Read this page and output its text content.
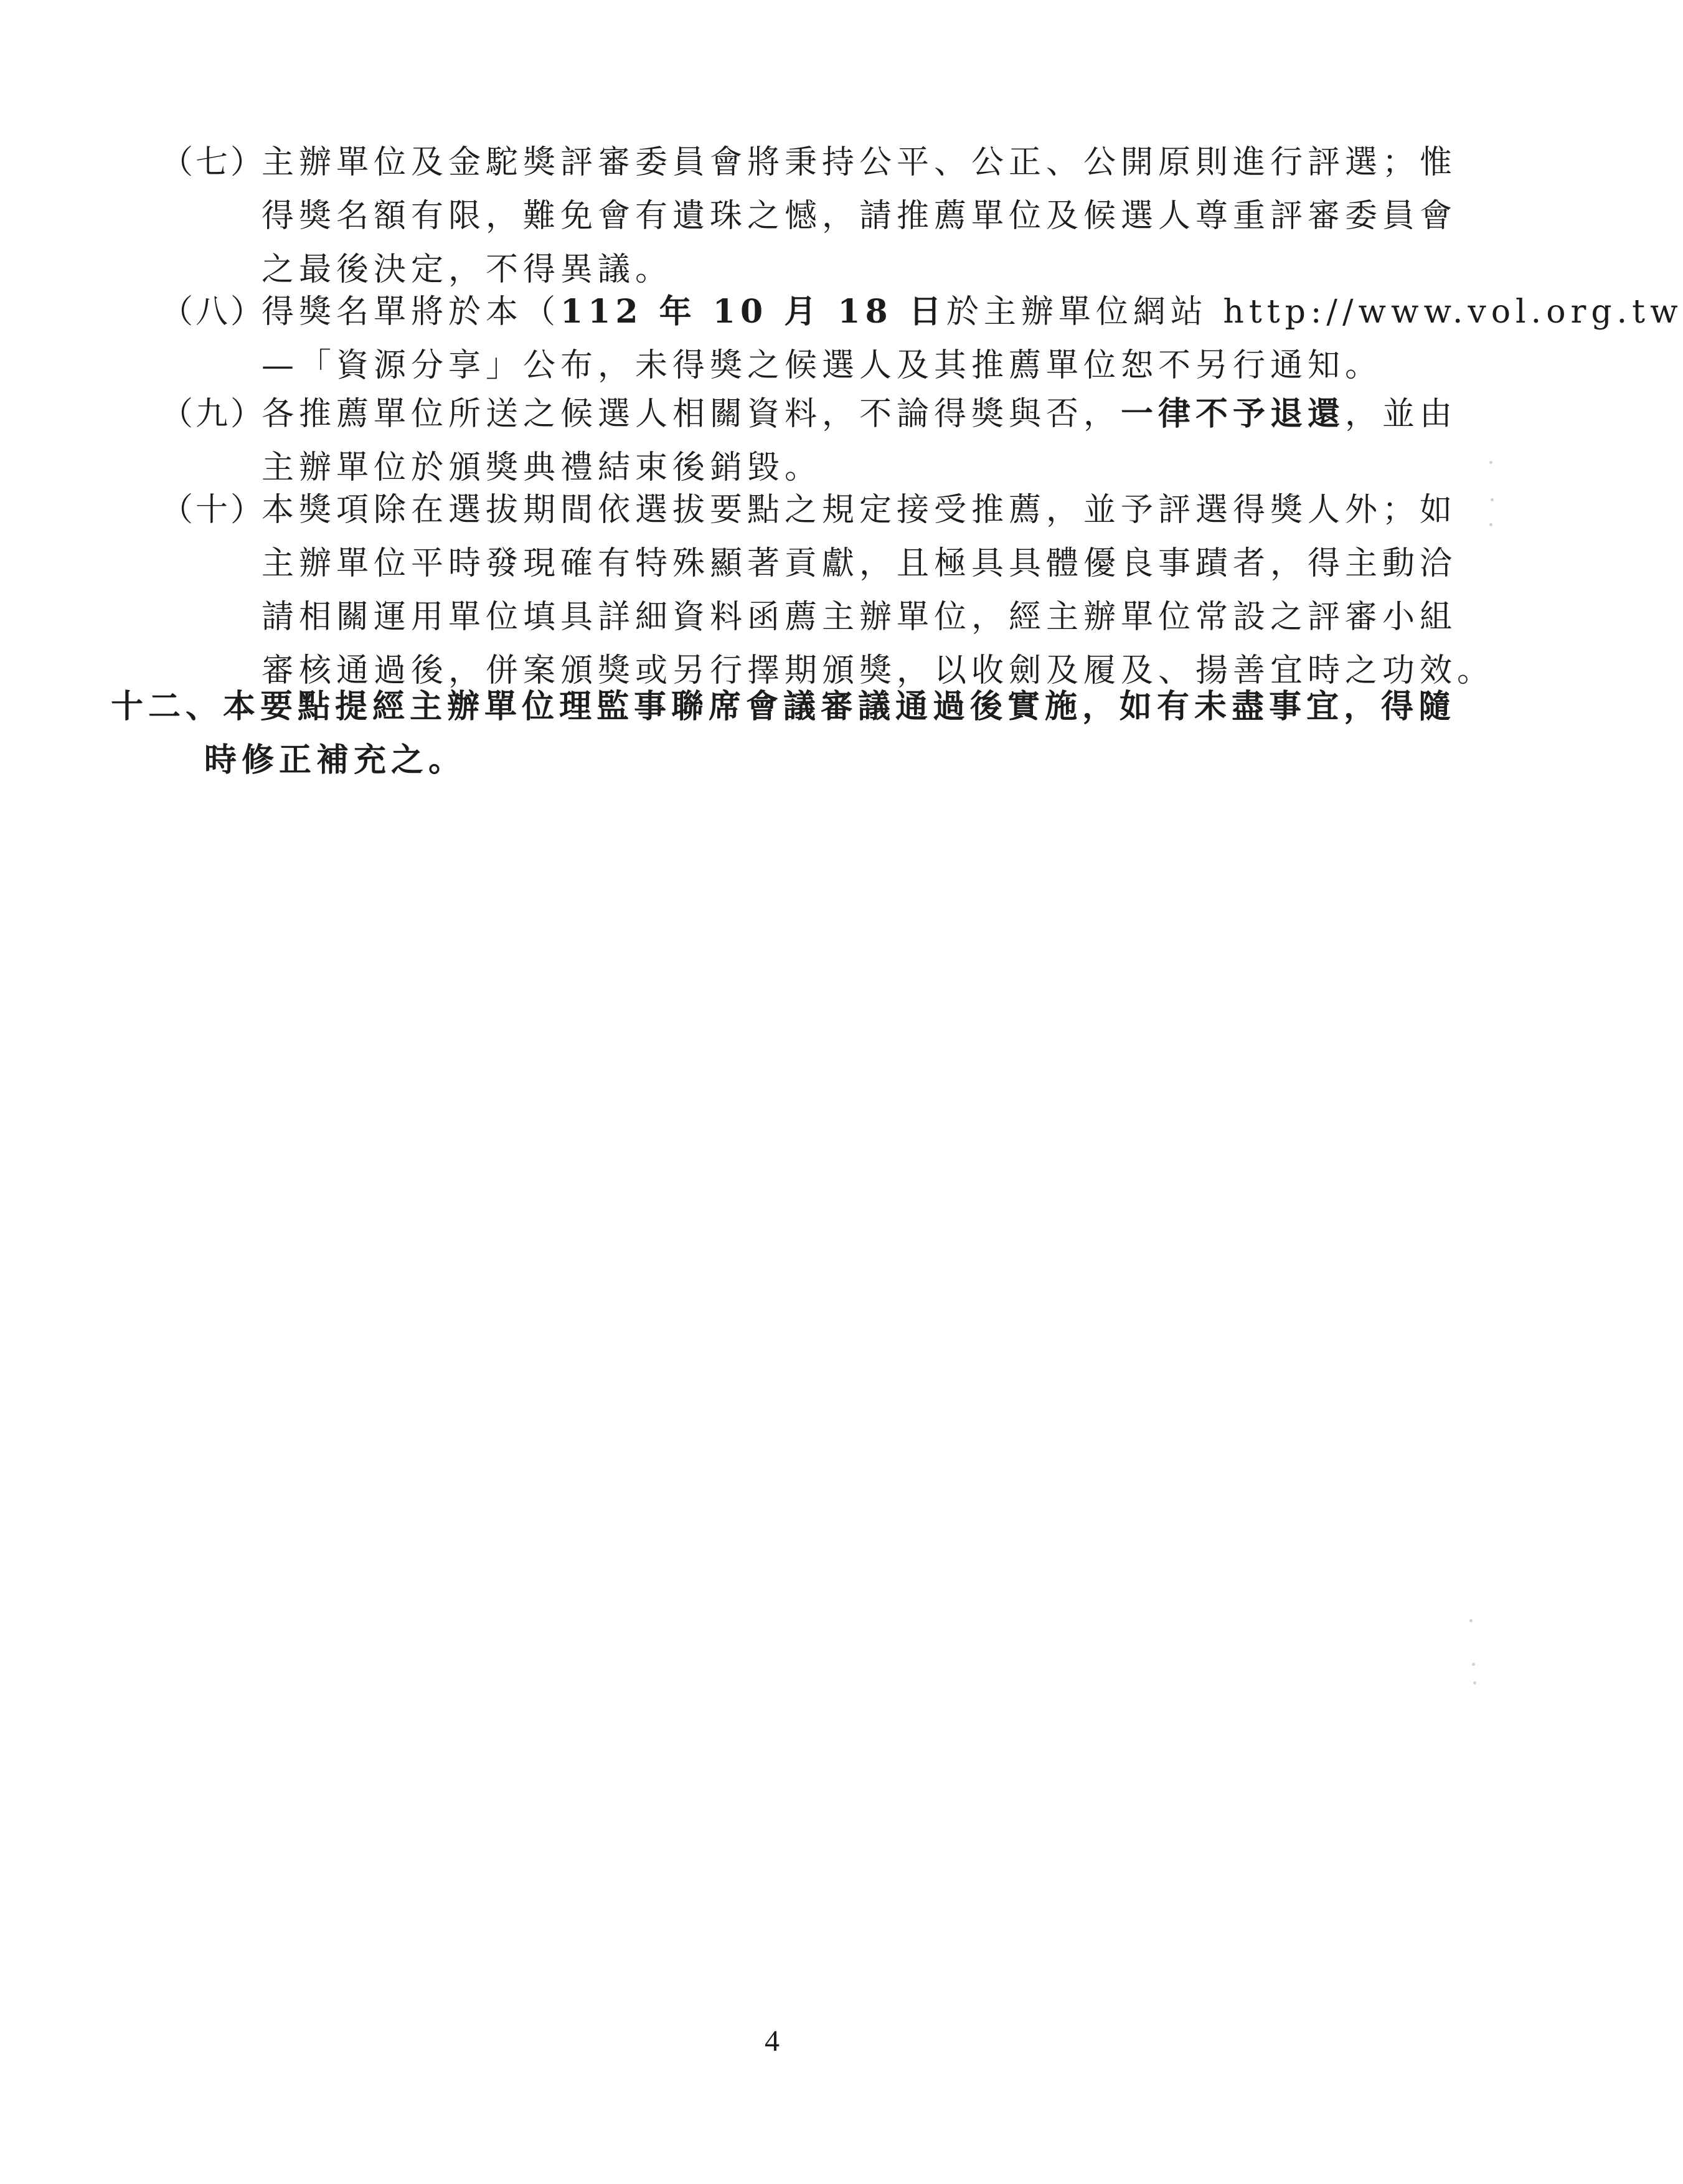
（七）
主辦單位及金駝獎評審委員會將秉持公平、公正、公開原則進行評選；惟
得獎名額有限，難免會有遺珠之憾，請推薦單位及候選人尊重評審委員會
之最後決定，不得異議。
（八）
得獎名單將於本（112 年 10 月 18 日於主辦單位網站 http://www.vol.org.tw
—「資源分享」公布，未得獎之候選人及其推薦單位恕不另行通知。
（九）
各推薦單位所送之候選人相關資料，不論得獎與否，一律不予退還，並由
主辦單位於頒獎典禮結束後銷毀。
（十）
本獎項除在選拔期間依選拔要點之規定接受推薦，並予評選得獎人外；如
主辦單位平時發現確有特殊顯著貢獻，且極具具體優良事蹟者，得主動洽
請相關運用單位填具詳細資料函薦主辦單位，經主辦單位常設之評審小組
審核通過後，併案頒獎或另行擇期頒獎，以收劍及履及、揚善宜時之功效。
十二、本要點提經主辦單位理監事聯席會議審議通過後實施，如有未盡事宜，得隨
時修正補充之。
4
